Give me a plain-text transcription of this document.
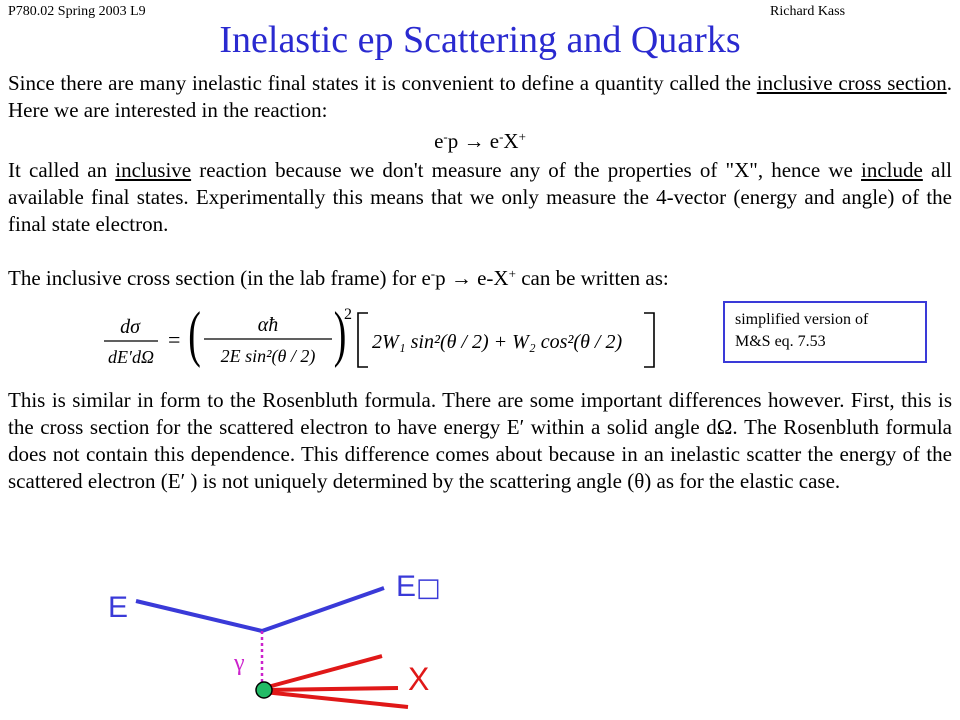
P780.02 Spring 2003 L9	Richard Kass
Inelastic ep Scattering and Quarks
Since there are many inelastic final states it is convenient to define a quantity called the inclusive cross section. Here we are interested in the reaction:
e-p → e-X+
It called an inclusive reaction because we don't measure any of the properties of "X", hence we include all available final states. Experimentally this means that we only measure the 4-vector (energy and angle) of the final state electron.
The inclusive cross section (in the lab frame) for e-p → e-X+ can be written as:
dσ
dE′dΩ
= (	αħ
2E sin²(θ / 2) )
2
2W₁ sin²(θ / 2) + W₂ cos²(θ / 2)
simplified version of
M&S eq. 7.53
This is similar in form to the Rosenbluth formula. There are some important differences however. First, this is the cross section for the scattered electron to have energy E′ within a solid angle dΩ. The Rosenbluth formula does not contain this dependence. This difference comes about because in an inelastic scatter the energy of the scattered electron (E′ ) is not uniquely determined by the scattering angle (θ) as for the elastic case.
E
E □
γ	X
